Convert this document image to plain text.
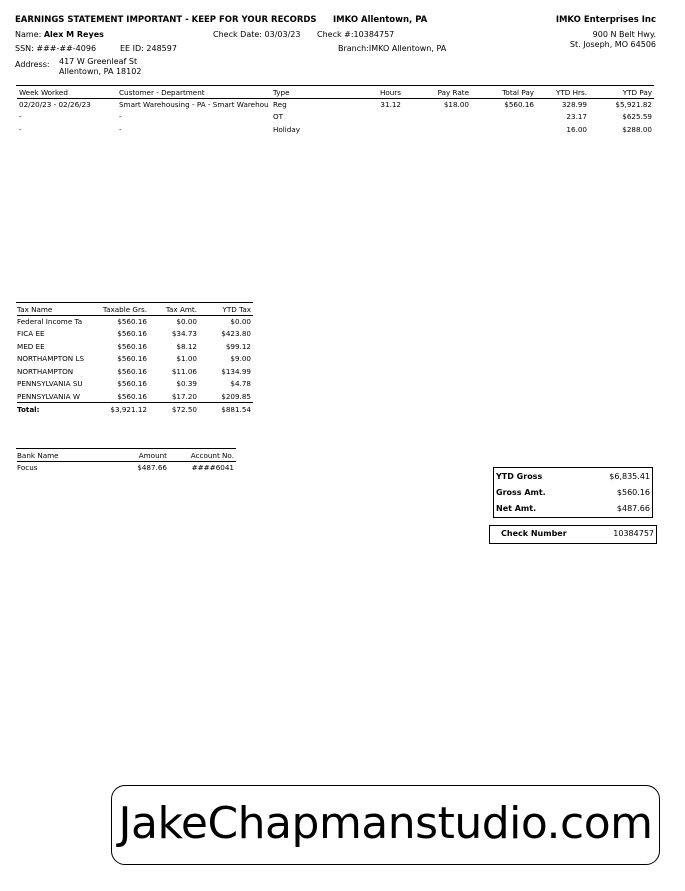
EARNINGS STATEMENT IMPORTANT - KEEP FOR YOUR RECORDS IMKO Allentown, PA	IMKO Enterprises Inc
Name: Alex M Reyes	Check Date: 03/03/23 Check #:10384757	900 N Belt Hwy.
SSN: ###-##-4096	EE ID: 248597	Branch:IMKO Allentown, PA	St. Joseph, MO 64506
Address: 417 W Greenleaf St
Allentown, PA 18102
Week Worked	Customer - Department	Type	Hours	Pay Rate	Total Pay	YTD Hrs.	YTD Pay
02/20/23 - 02/26/23	Smart Warehousing - PA - Smart Warehou	Reg	31.12	$18.00	$560.16	328.99	$5,921.82
-	-	OT				23.17	$625.59
-	-	Holiday				16.00	$288.00
Tax Name	Taxable Grs.	Tax Amt.	YTD Tax
Federal Income Ta	$560.16	$0.00	$0.00
FICA EE	$560.16	$34.73	$423.80
MED EE	$560.16	$8.12	$99.12
NORTHAMPTON LS	$560.16	$1.00	$9.00
NORTHAMPTON	$560.16	$11.06	$134.99
PENNSYLVANIA SU	$560.16	$0.39	$4.78
PENNSYLVANIA W	$560.16	$17.20	$209.85
Total:	$3,921.12	$72.50	$881.54
Bank Name	Amount	Account No.
Focus	$487.66	####6041
YTD Gross	$6,835.41
Gross Amt.	$560.16
Net Amt.	$487.66
Check Number	10384757
JakeChapmanstudio.com
